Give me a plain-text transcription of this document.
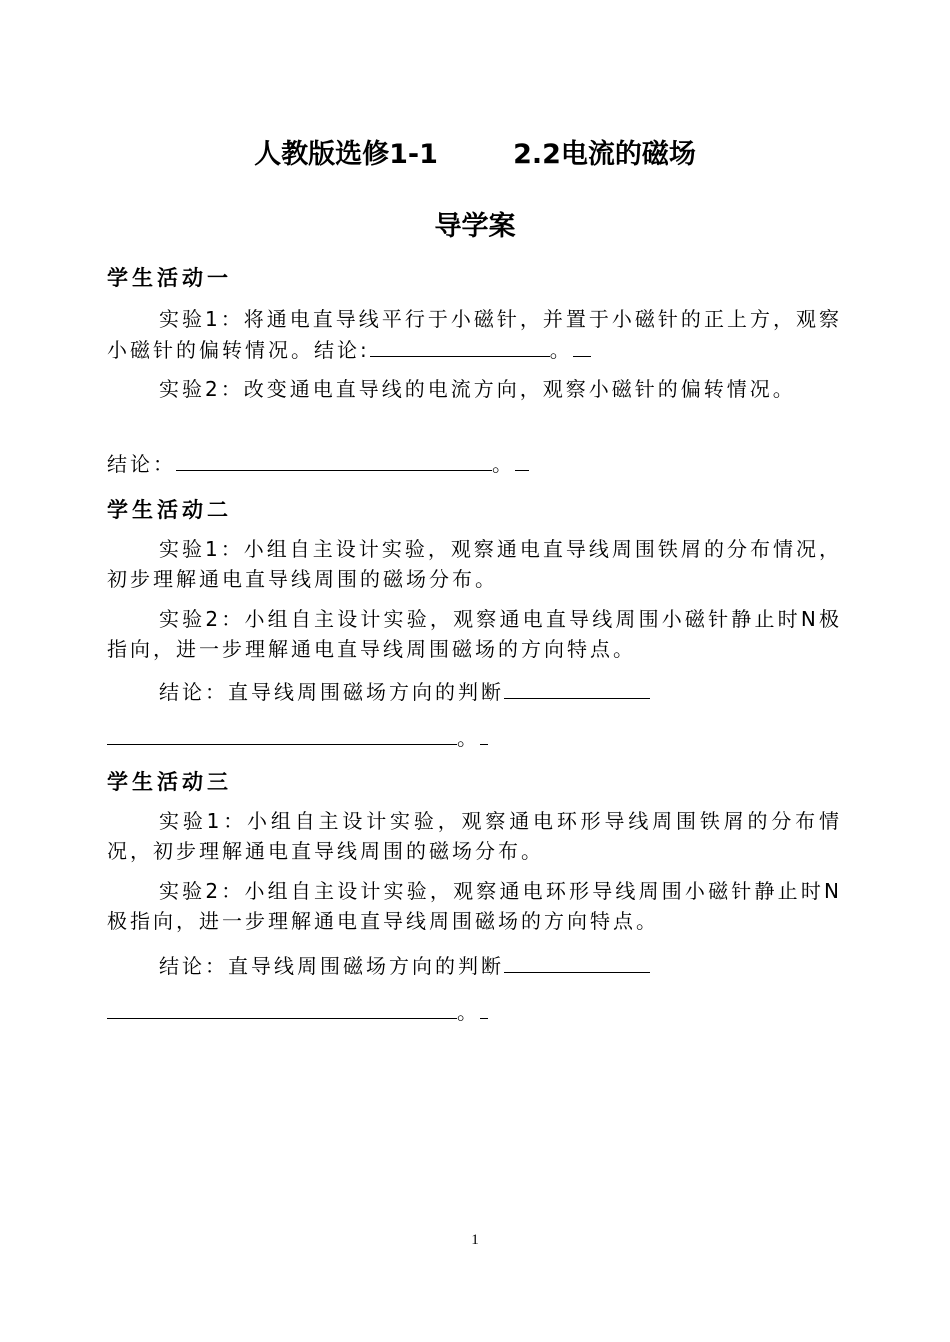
人教版选修1-1        2.2电流的磁场
导学案
学生活动一
实验1：将通电直导线平行于小磁针，并置于小磁针的正上方，观察小磁针的偏转情况。结论:	。
实验2：改变通电直导线的电流方向，观察小磁针的偏转情况。
结论：	。
学生活动二
实验1：小组自主设计实验，观察通电直导线周围铁屑的分布情况，初步理解通电直导线周围的磁场分布。
实验2：小组自主设计实验，观察通电直导线周围小磁针静止时N极指向，进一步理解通电直导线周围磁场的方向特点。
结论：直导线周围磁场方向的判断
。
学生活动三
实验1：小组自主设计实验，观察通电环形导线周围铁屑的分布情况，初步理解通电直导线周围的磁场分布。
实验2：小组自主设计实验，观察通电环形导线周围小磁针静止时N极指向，进一步理解通电直导线周围磁场的方向特点。
结论：直导线周围磁场方向的判断
。
1
